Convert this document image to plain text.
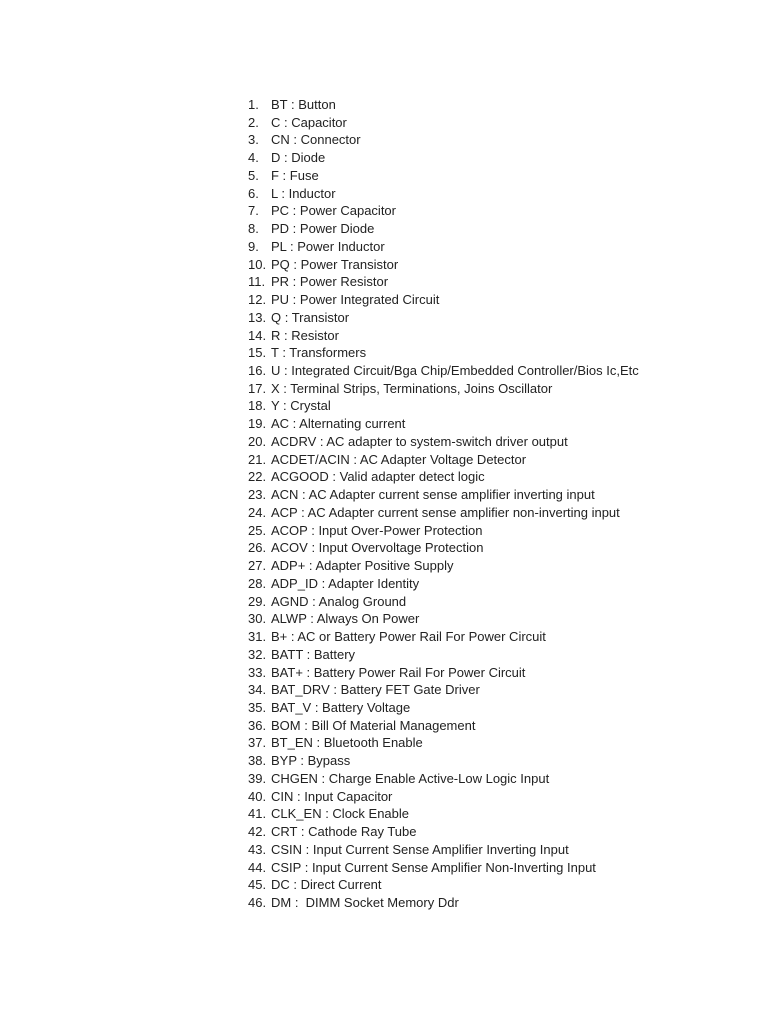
1. BT : Button
2. C : Capacitor
3. CN : Connector
4. D : Diode
5. F : Fuse
6. L : Inductor
7. PC : Power Capacitor
8. PD : Power Diode
9. PL : Power Inductor
10. PQ : Power Transistor
11. PR : Power Resistor
12. PU : Power Integrated Circuit
13. Q : Transistor
14. R : Resistor
15. T : Transformers
16. U : Integrated Circuit/Bga Chip/Embedded Controller/Bios Ic,Etc
17. X : Terminal Strips, Terminations, Joins Oscillator
18. Y : Crystal
19. AC : Alternating current
20. ACDRV : AC adapter to system-switch driver output
21. ACDET/ACIN : AC Adapter Voltage Detector
22. ACGOOD : Valid adapter detect logic
23. ACN : AC Adapter current sense amplifier inverting input
24. ACP : AC Adapter current sense amplifier non-inverting input
25. ACOP : Input Over-Power Protection
26. ACOV : Input Overvoltage Protection
27. ADP+ : Adapter Positive Supply
28. ADP_ID : Adapter Identity
29. AGND : Analog Ground
30. ALWP : Always On Power
31. B+ : AC or Battery Power Rail For Power Circuit
32. BATT : Battery
33. BAT+ : Battery Power Rail For Power Circuit
34. BAT_DRV : Battery FET Gate Driver
35. BAT_V : Battery Voltage
36. BOM : Bill Of Material Management
37. BT_EN : Bluetooth Enable
38. BYP : Bypass
39. CHGEN : Charge Enable Active-Low Logic Input
40. CIN : Input Capacitor
41. CLK_EN : Clock Enable
42. CRT : Cathode Ray Tube
43. CSIN : Input Current Sense Amplifier Inverting Input
44. CSIP : Input Current Sense Amplifier Non-Inverting Input
45. DC : Direct Current
46. DM :  DIMM Socket Memory Ddr
